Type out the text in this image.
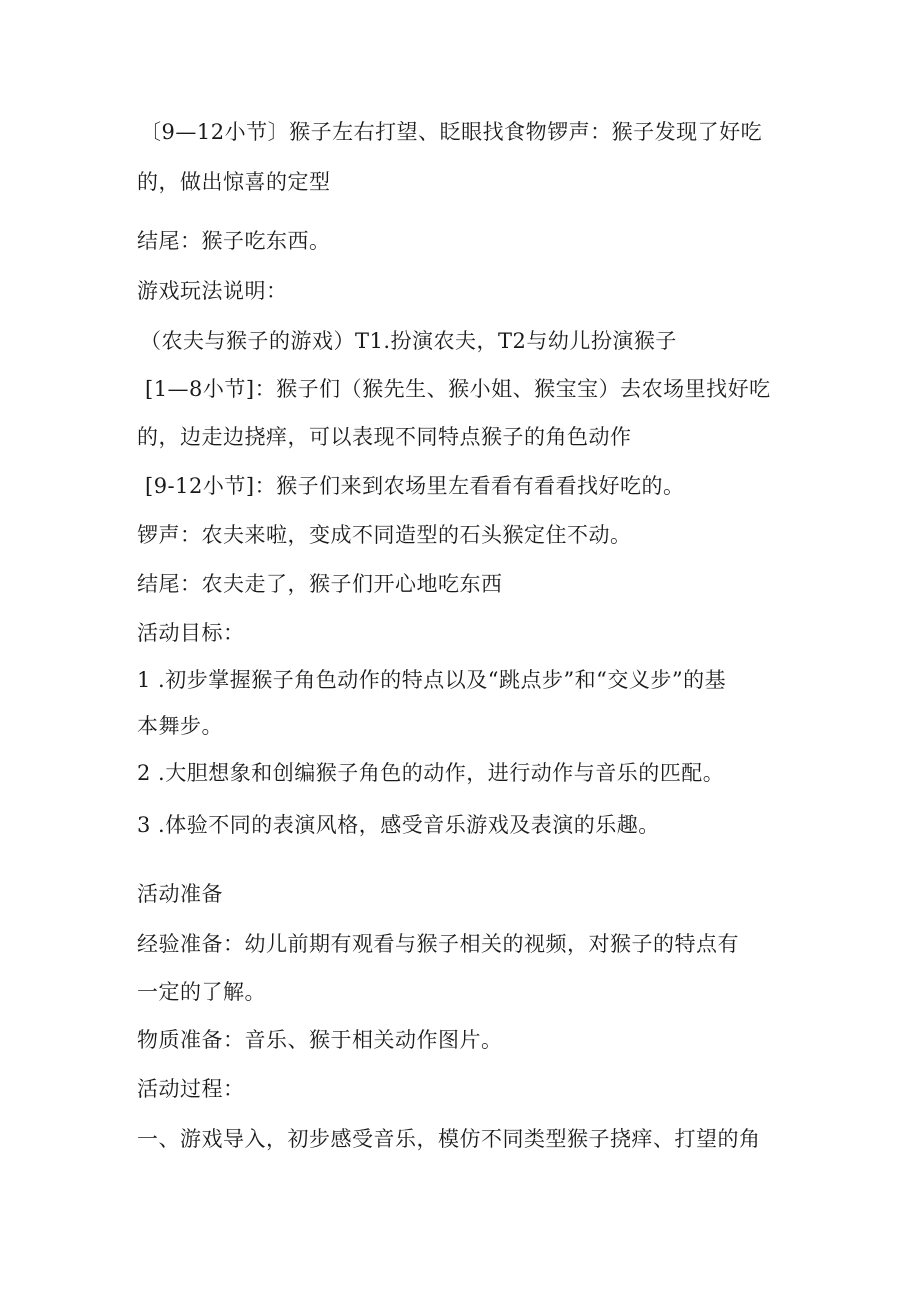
〔9—12小节〕猴子左右打望、眨眼找食物锣声：猴子发现了好吃
的，做出惊喜的定型
结尾：猴子吃东西。
游戏玩法说明：
（农夫与猴子的游戏）T1.扮演农夫，T2与幼儿扮演猴子
[1—8小节]：猴子们（猴先生、猴小姐、猴宝宝）去农场里找好吃
的，边走边挠痒，可以表现不同特点猴子的角色动作
[9-12小节]：猴子们来到农场里左看看有看看找好吃的。
锣声：农夫来啦，变成不同造型的石头猴定住不动。
结尾：农夫走了，猴子们开心地吃东西
活动目标：
1 .初步掌握猴子角色动作的特点以及“跳点步”和“交义步”的基
本舞步。
2 .大胆想象和创编猴子角色的动作，进行动作与音乐的匹配。
3 .体验不同的表演风格，感受音乐游戏及表演的乐趣。
活动准备
经验准备：幼儿前期有观看与猴子相关的视频，对猴子的特点有
一定的了解。
物质准备：音乐、猴于相关动作图片。
活动过程：
一、游戏导入，初步感受音乐，模仿不同类型猴子挠痒、打望的角
